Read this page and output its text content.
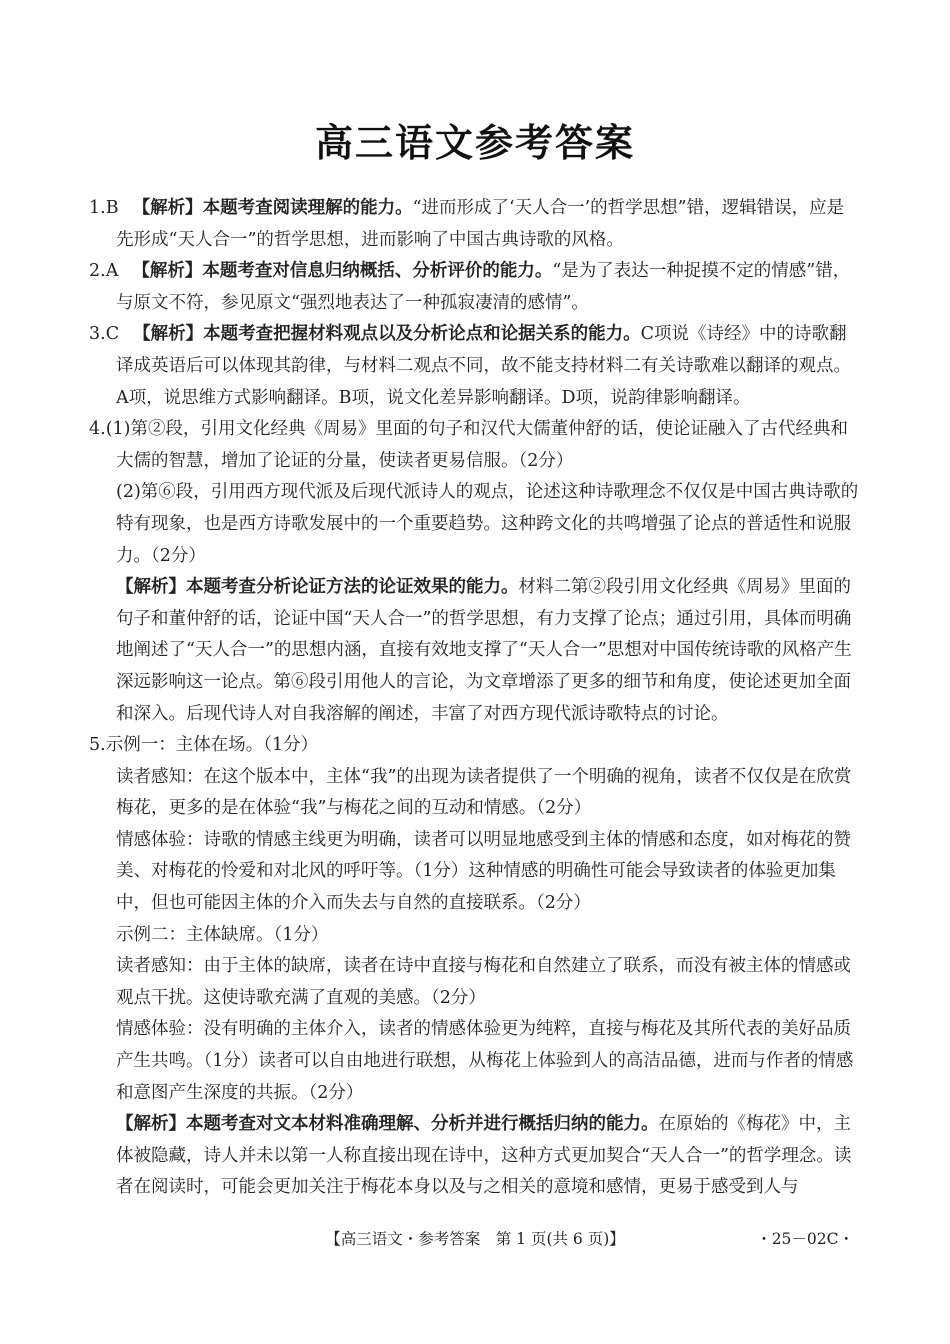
高三语文参考答案

1.B 【解析】本题考查阅读理解的能力。“进而形成了‘天人合一’的哲学思想”错，逻辑错误，应是先形成“天人合一”的哲学思想，进而影响了中国古典诗歌的风格。

2.A 【解析】本题考查对信息归纳概括、分析评价的能力。“是为了表达一种捉摸不定的情感”错，与原文不符，参见原文“强烈地表达了一种孤寂凄清的感情”。

3.C 【解析】本题考查把握材料观点以及分析论点和论据关系的能力。C项说《诗经》中的诗歌翻译成英语后可以体现其韵律，与材料二观点不同，故不能支持材料二有关诗歌难以翻译的观点。A项，说思维方式影响翻译。B项，说文化差异影响翻译。D项，说韵律影响翻译。

4.(1)第②段，引用文化经典《周易》里面的句子和汉代大儒董仲舒的话，使论证融入了古代经典和大儒的智慧，增加了论证的分量，使读者更易信服。（2分）

(2)第⑥段，引用西方现代派及后现代派诗人的观点，论述这种诗歌理念不仅仅是中国古典诗歌的特有现象，也是西方诗歌发展中的一个重要趋势。这种跨文化的共鸣增强了论点的普适性和说服力。（2分）

【解析】本题考查分析论证方法的论证效果的能力。材料二第②段引用文化经典《周易》里面的句子和董仲舒的话，论证中国“天人合一”的哲学思想，有力支撑了论点；通过引用，具体而明确地阐述了“天人合一”的思想内涵，直接有效地支撑了“天人合一”思想对中国传统诗歌的风格产生深远影响这一论点。第⑥段引用他人的言论，为文章增添了更多的细节和角度，使论述更加全面和深入。后现代诗人对自我溶解的阐述，丰富了对西方现代派诗歌特点的讨论。

5.示例一：主体在场。（1分）

读者感知：在这个版本中，主体“我”的出现为读者提供了一个明确的视角，读者不仅仅是在欣赏梅花，更多的是在体验“我”与梅花之间的互动和情感。（2分）

情感体验：诗歌的情感主线更为明确，读者可以明显地感受到主体的情感和态度，如对梅花的赞美、对梅花的怜爱和对北风的呼吁等。（1分）这种情感的明确性可能会导致读者的体验更加集中，但也可能因主体的介入而失去与自然的直接联系。（2分）

示例二：主体缺席。（1分）

读者感知：由于主体的缺席，读者在诗中直接与梅花和自然建立了联系，而没有被主体的情感或观点干扰。这使诗歌充满了直观的美感。（2分）

情感体验：没有明确的主体介入，读者的情感体验更为纯粹，直接与梅花及其所代表的美好品质产生共鸣。（1分）读者可以自由地进行联想，从梅花上体验到人的高洁品德，进而与作者的情感和意图产生深度的共振。（2分）

【解析】本题考查对文本材料准确理解、分析并进行概括归纳的能力。在原始的《梅花》中，主体被隐藏，诗人并未以第一人称直接出现在诗中，这种方式更加契合“天人合一”的哲学理念。读者在阅读时，可能会更加关注于梅花本身以及与之相关的意境和感情，更易于感受到人与

【高三语文・参考答案　第 1 页(共 6 页)】	・25－02C・
